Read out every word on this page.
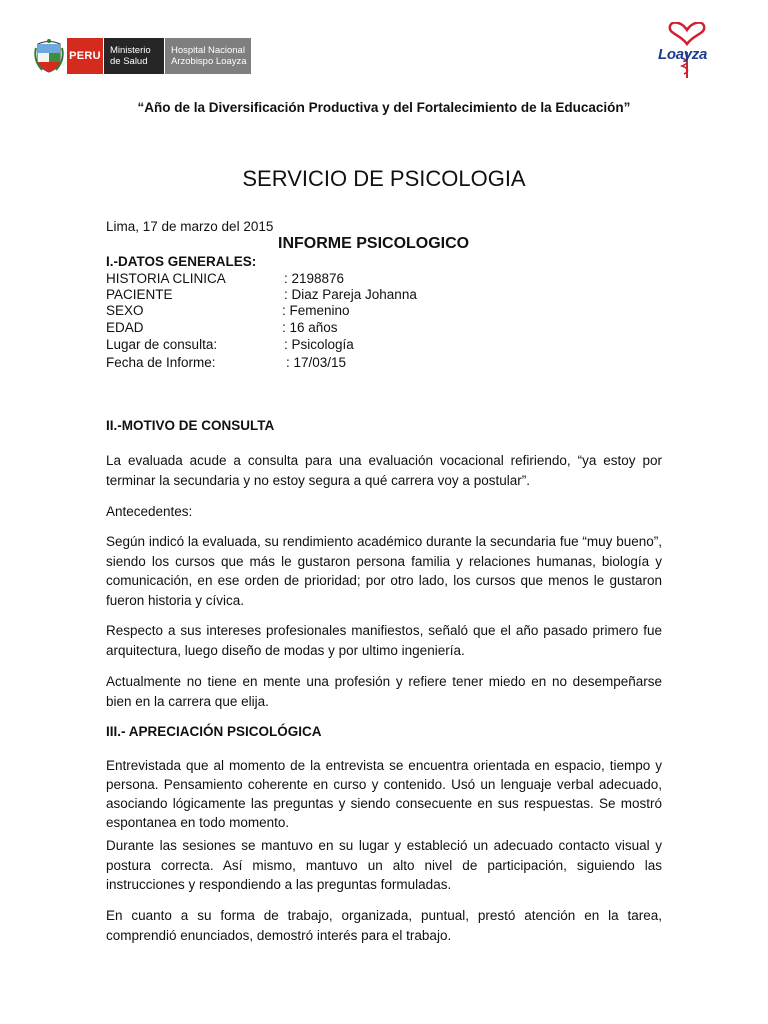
PERU Ministerio
de Salud
Hospital Nacional
Arzobispo Loayza	Loayza
“Año de la Diversificación Productiva y del Fortalecimiento de la Educación”
SERVICIO DE PSICOLOGIA
Lima, 17 de marzo del 2015
INFORME PSICOLOGICO
I.-DATOS GENERALES:
HISTORIA CLINICA	: 2198876
PACIENTE	: Diaz Pareja Johanna
SEXO	: Femenino
EDAD	: 16 años
Lugar de consulta:	: Psicología
Fecha de Informe:	: 17/03/15
II.-MOTIVO DE CONSULTA
La evaluada acude a consulta para una evaluación vocacional refiriendo, “ya estoy por terminar la secundaria y no estoy segura a qué carrera voy a postular”.
Antecedentes:
Según indicó la evaluada, su rendimiento académico durante la secundaria fue “muy bueno”, siendo los cursos que más le gustaron persona familia y relaciones humanas, biología y comunicación, en ese orden de prioridad; por otro lado, los cursos que menos le gustaron fueron historia y cívica.
Respecto a sus intereses profesionales manifiestos, señaló que el año pasado primero fue arquitectura, luego diseño de modas y por ultimo ingeniería.
Actualmente no tiene en mente una profesión y refiere tener miedo en no desempeñarse bien en la carrera que elija.
III.- APRECIACIÓN PSICOLÓGICA
Entrevistada que al momento de la entrevista se encuentra orientada en espacio, tiempo y persona. Pensamiento coherente en curso y contenido. Usó un lenguaje verbal adecuado, asociando lógicamente las preguntas y siendo consecuente en sus respuestas. Se mostró espontanea en todo momento.
Durante las sesiones se mantuvo en su lugar y estableció un adecuado contacto visual y postura correcta. Así mismo, mantuvo un alto nivel de participación, siguiendo las instrucciones y respondiendo a las preguntas formuladas.
En cuanto a su forma de trabajo, organizada, puntual, prestó atención en la tarea, comprendió enunciados, demostró interés para el trabajo.
